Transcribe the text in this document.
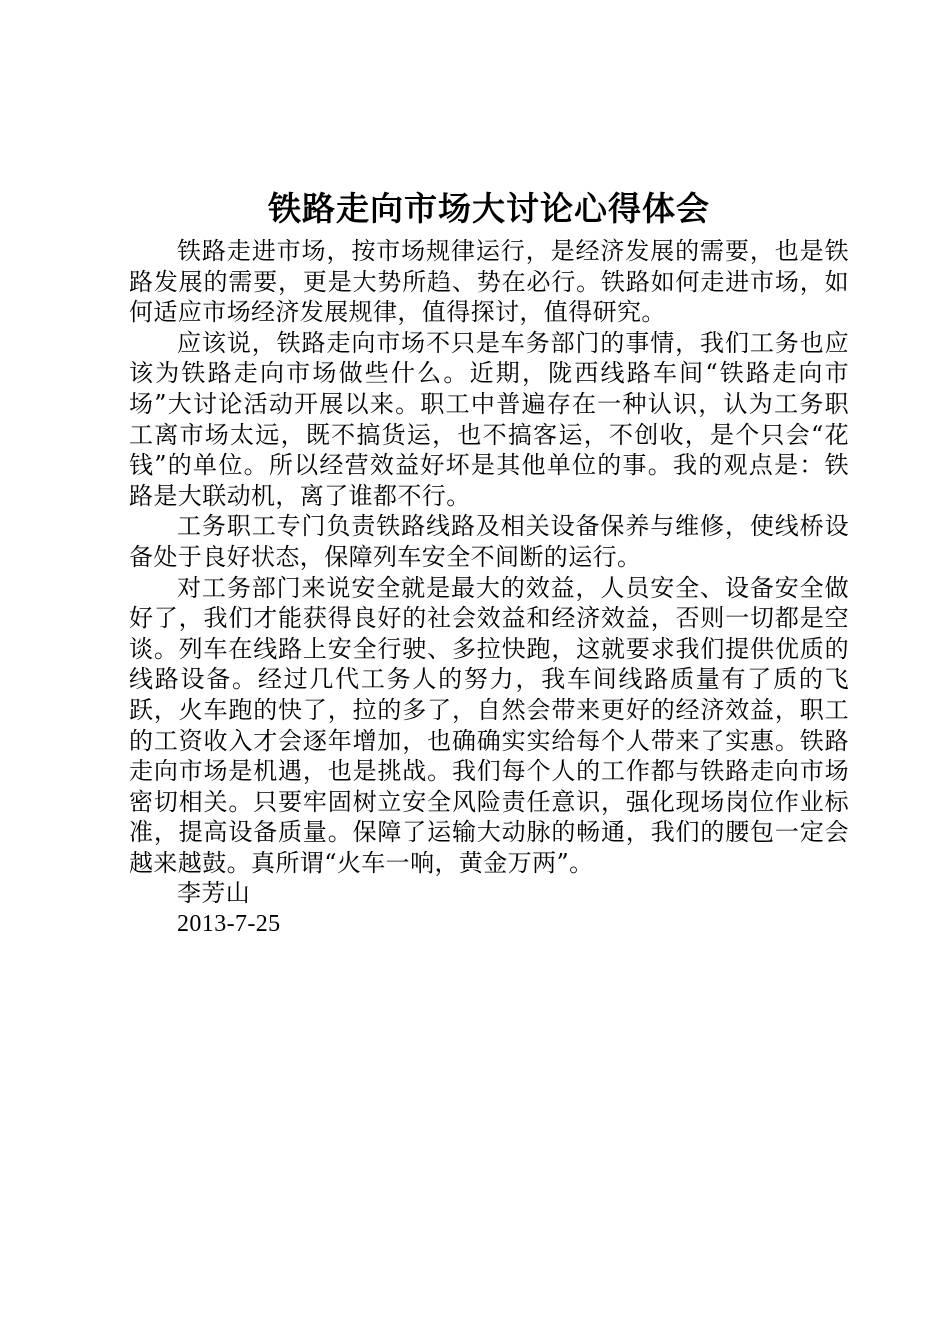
铁路走向市场大讨论心得体会

铁路走进市场，按市场规律运行，是经济发展的需要，也是铁路发展的需要，更是大势所趋、势在必行。铁路如何走进市场，如何适应市场经济发展规律，值得探讨，值得研究。

应该说，铁路走向市场不只是车务部门的事情，我们工务也应该为铁路走向市场做些什么。近期，陇西线路车间“铁路走向市场”大讨论活动开展以来。职工中普遍存在一种认识，认为工务职工离市场太远，既不搞货运，也不搞客运，不创收，是个只会“花钱”的单位。所以经营效益好坏是其他单位的事。我的观点是：铁路是大联动机，离了谁都不行。

工务职工专门负责铁路线路及相关设备保养与维修，使线桥设备处于良好状态，保障列车安全不间断的运行。

对工务部门来说安全就是最大的效益，人员安全、设备安全做好了，我们才能获得良好的社会效益和经济效益，否则一切都是空谈。列车在线路上安全行驶、多拉快跑，这就要求我们提供优质的线路设备。经过几代工务人的努力，我车间线路质量有了质的飞跃，火车跑的快了，拉的多了，自然会带来更好的经济效益，职工的工资收入才会逐年增加，也确确实实给每个人带来了实惠。铁路走向市场是机遇，也是挑战。我们每个人的工作都与铁路走向市场密切相关。只要牢固树立安全风险责任意识，强化现场岗位作业标准，提高设备质量。保障了运输大动脉的畅通，我们的腰包一定会越来越鼓。真所谓“火车一响，黄金万两”。

李芳山

2013-7-25
